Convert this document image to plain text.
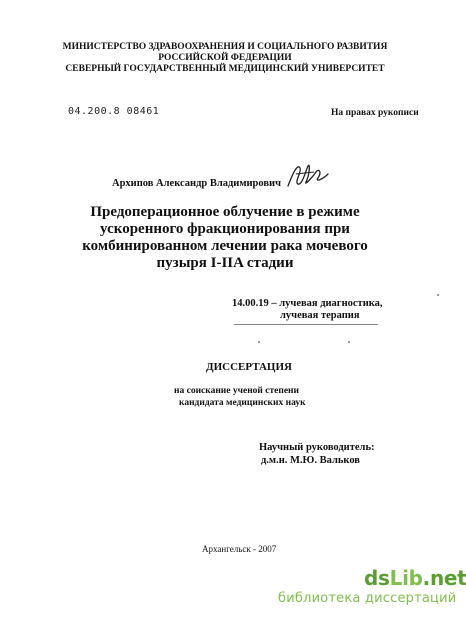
МИНИСТЕРСТВО ЗДРАВООХРАНЕНИЯ И СОЦИАЛЬНОГО РАЗВИТИЯ
РОССИЙСКОЙ ФЕДЕРАЦИИ
СЕВЕРНЫЙ ГОСУДАРСТВЕННЫЙ МЕДИЦИНСКИЙ УНИВЕРСИТЕТ
04.200.8 08461	На правах рукописи
Архипов Александр Владимирович
Предоперационное облучение в режиме
ускоренного фракционирования при
комбинированном лечении рака мочевого
пузыря I-IIA стадии
14.00.19 – лучевая диагностика,
лучевая терапия
ДИССЕРТАЦИЯ
на соискание ученой степени
кандидата медицинских наук
Научный руководитель:
д.м.н. М.Ю. Вальков
Архангельск - 2007
dsLib.net
библиотека диссертаций
